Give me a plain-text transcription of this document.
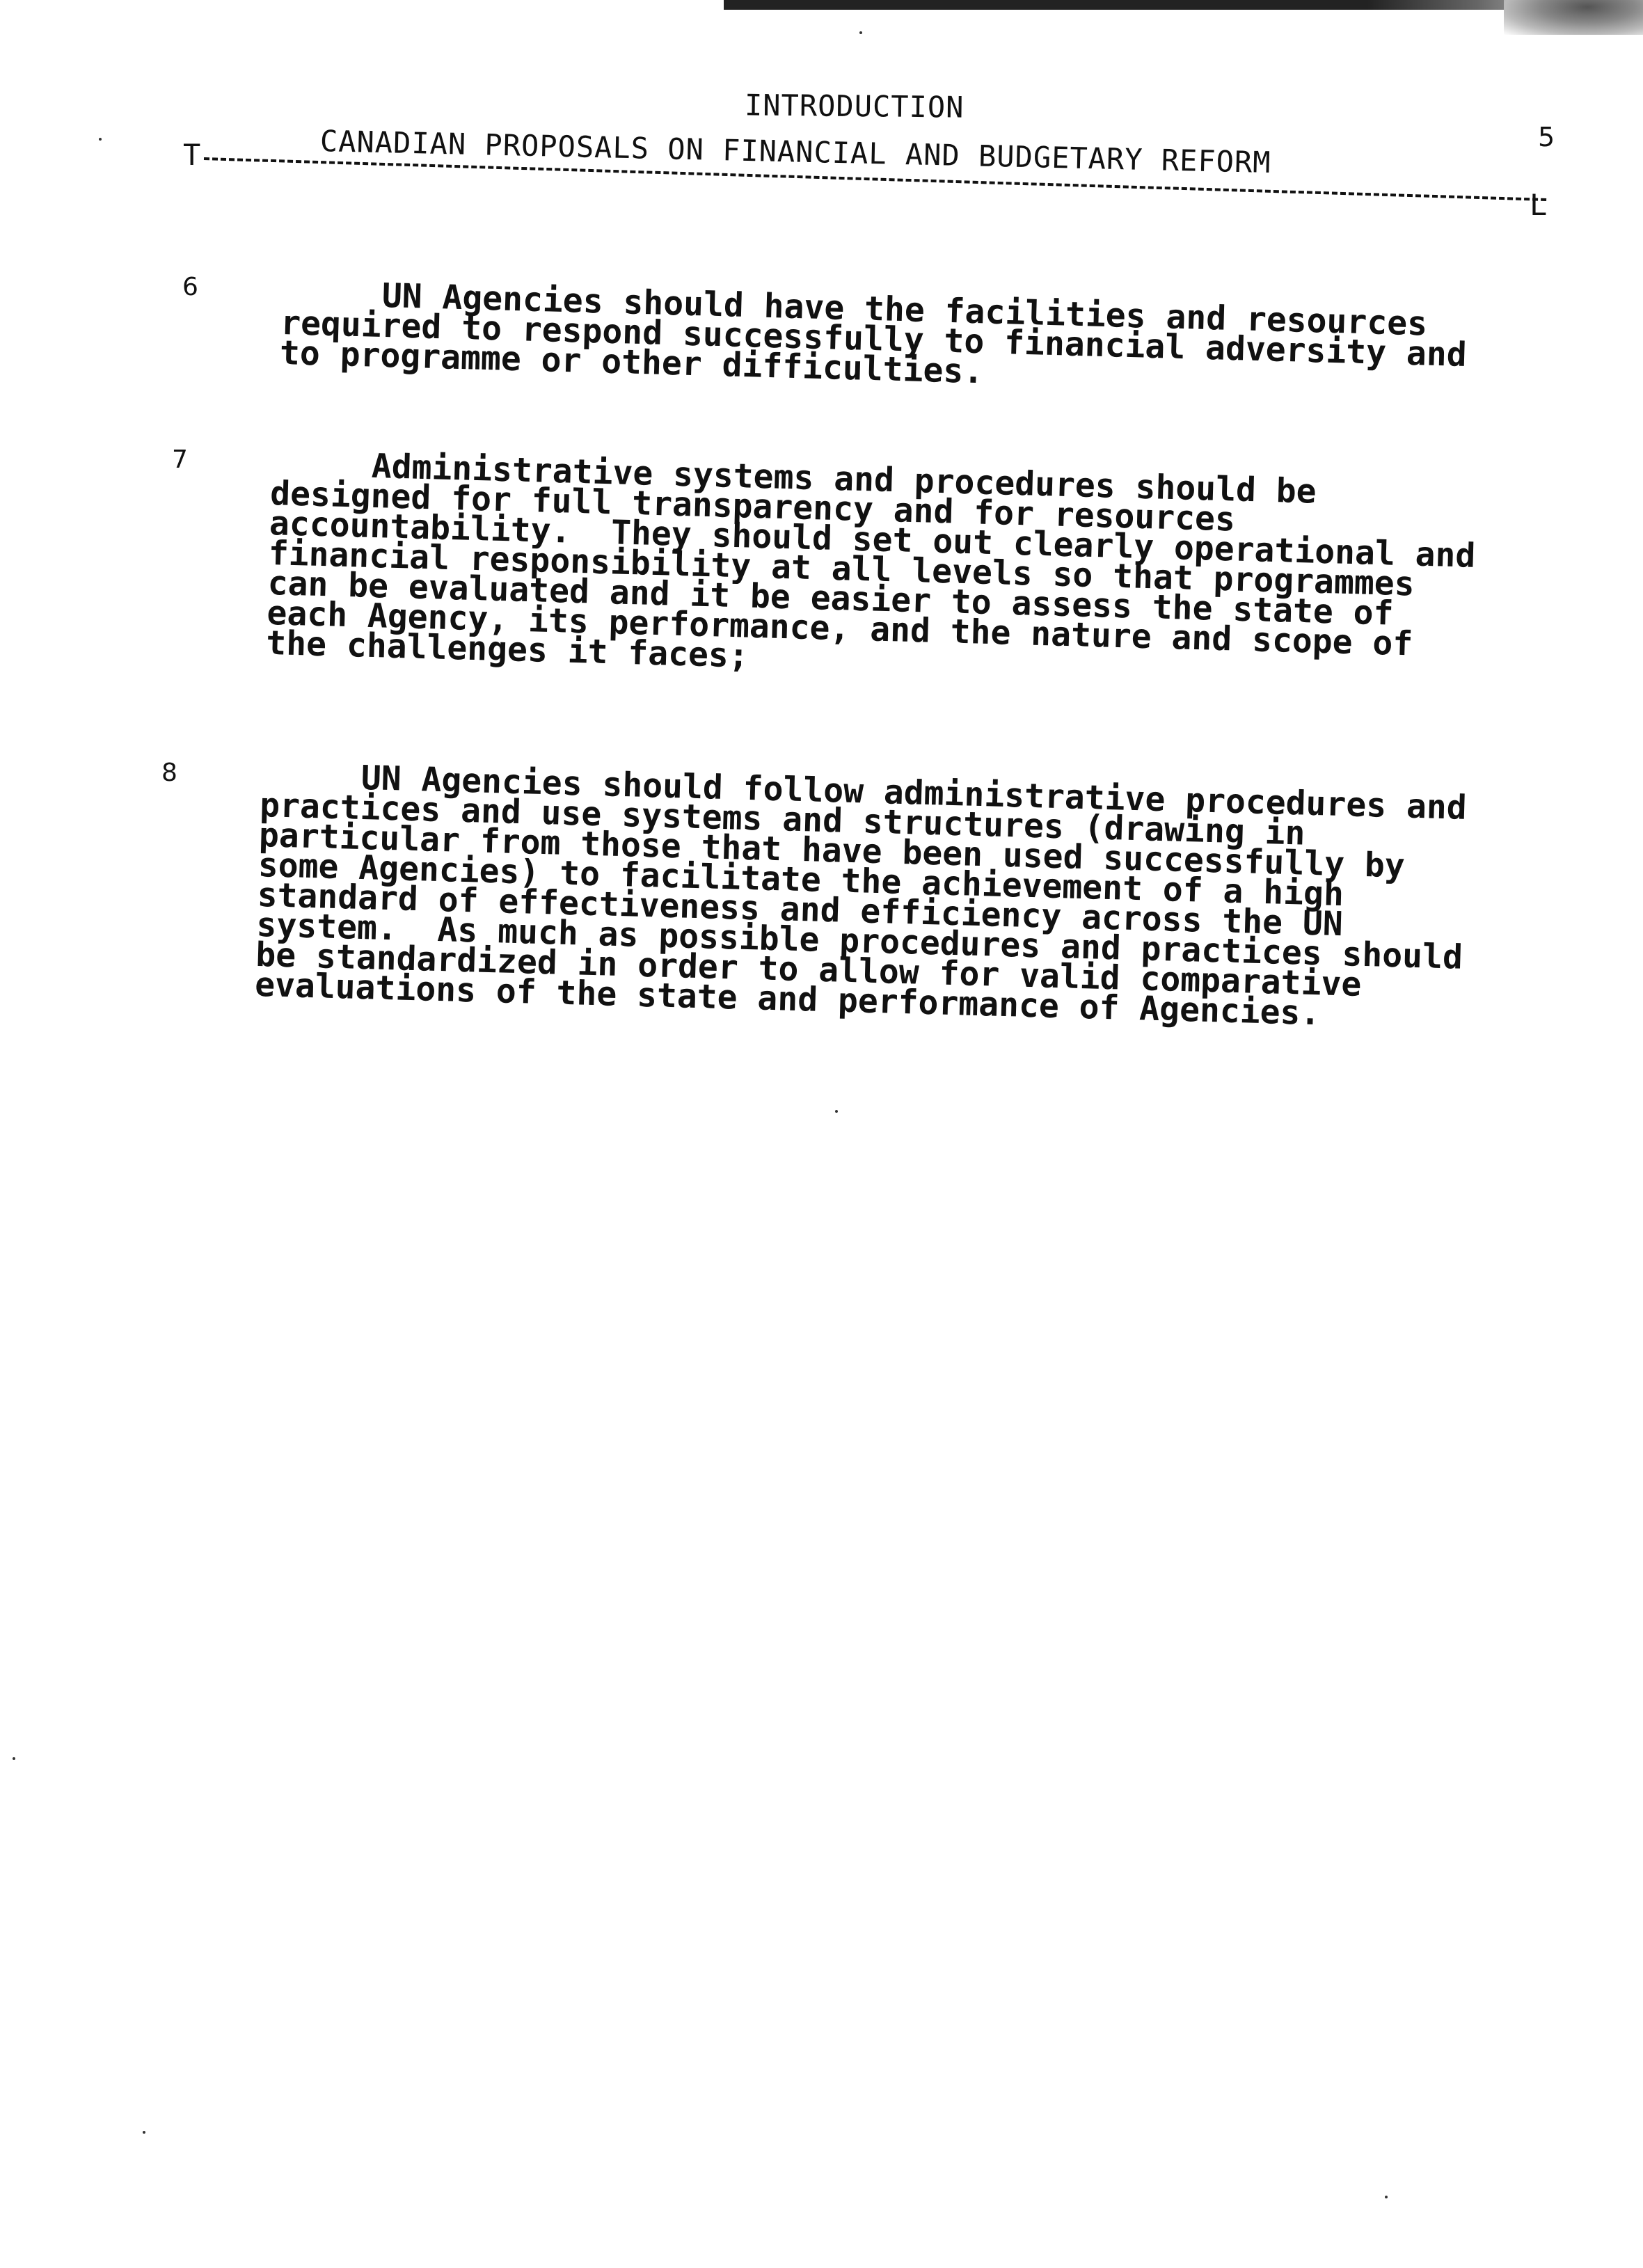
INTRODUCTION
CANADIAN PROPOSALS ON FINANCIAL AND BUDGETARY REFORM	5
T
L
6 UN Agencies should have the facilities and resources
required to respond successfully to financial adversity and
to programme or other difficulties.
7 Administrative systems and procedures should be
designed for full transparency and for resources
accountability.  They should set out clearly operational and
financial responsibility at all levels so that programmes
can be evaluated and it be easier to assess the state of
each Agency, its performance, and the nature and scope of
the challenges it faces;
8 UN Agencies should follow administrative procedures and
practices and use systems and structures (drawing in
particular from those that have been used successfully by
some Agencies) to facilitate the achievement of a high
standard of effectiveness and efficiency across the UN
system.  As much as possible procedures and practices should
be standardized in order to allow for valid comparative
evaluations of the state and performance of Agencies.
